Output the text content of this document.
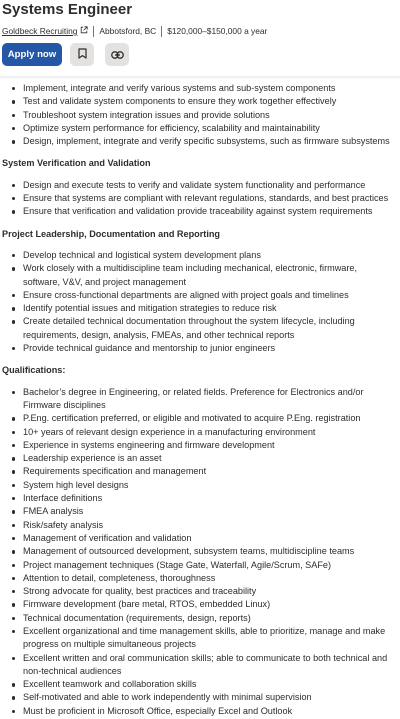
Systems Engineer
Goldbeck Recruiting	Abbotsford, BC $120,000–$150,000 a year
Apply now
Implement, integrate and verify various systems and sub-system components
Test and validate system components to ensure they work together effectively
Troubleshoot system integration issues and provide solutions
Optimize system performance for efficiency, scalability and maintainability
Design, implement, integrate and verify specific subsystems, such as firmware subsystems
System Verification and Validation
Design and execute tests to verify and validate system functionality and performance
Ensure that systems are compliant with relevant regulations, standards, and best practices
Ensure that verification and validation provide traceability against system requirements
Project Leadership, Documentation and Reporting
Develop technical and logistical system development plans
Work closely with a multidiscipline team including mechanical, electronic, firmware, software, V&V, and project management
Ensure cross-functional departments are aligned with project goals and timelines
Identify potential issues and mitigation strategies to reduce risk
Create detailed technical documentation throughout the system lifecycle, including requirements, design, analysis, FMEAs, and other technical reports
Provide technical guidance and mentorship to junior engineers
Qualifications:
Bachelor’s degree in Engineering, or related fields. Preference for Electronics and/or Firmware disciplines
P.Eng. certification preferred, or eligible and motivated to acquire P.Eng. registration
10+ years of relevant design experience in a manufacturing environment
Experience in systems engineering and firmware development
Leadership experience is an asset
Requirements specification and management
System high level designs
Interface definitions
FMEA analysis
Risk/safety analysis
Management of verification and validation
Management of outsourced development, subsystem teams, multidiscipline teams
Project management techniques (Stage Gate, Waterfall, Agile/Scrum, SAFe)
Attention to detail, completeness, thoroughness
Strong advocate for quality, best practices and traceability
Firmware development (bare metal, RTOS, embedded Linux)
Technical documentation (requirements, design, reports)
Excellent organizational and time management skills, able to prioritize, manage and make progress on multiple simultaneous projects
Excellent written and oral communication skills; able to communicate to both technical and non-technical audiences
Excellent teamwork and collaboration skills
Self-motivated and able to work independently with minimal supervision
Must be proficient in Microsoft Office, especially Excel and Outlook
